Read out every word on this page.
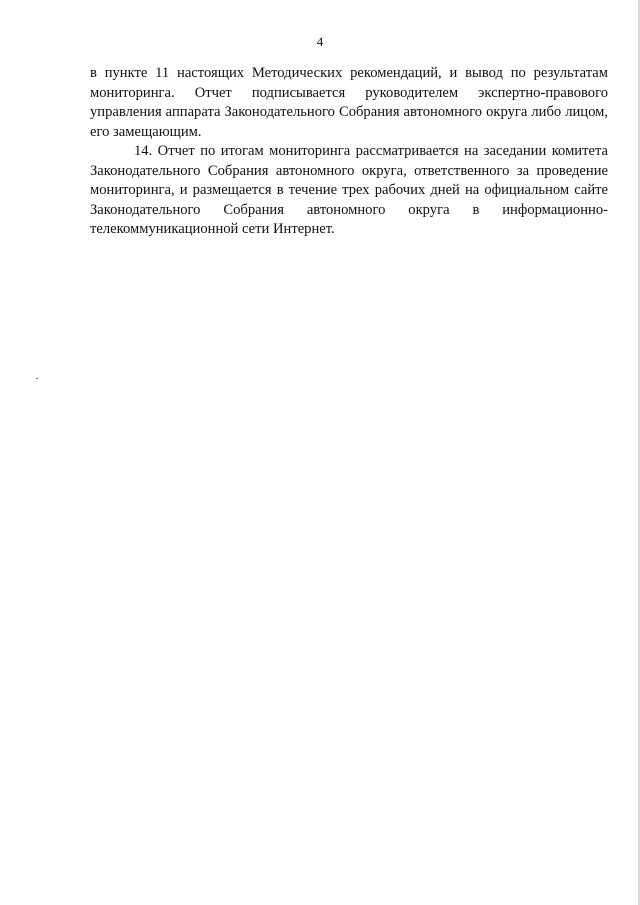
4

в пункте 11 настоящих Методических рекомендаций, и вывод по результатам мониторинга. Отчет подписывается руководителем экспертно-правового управления аппарата Законодательного Собрания автономного округа либо лицом, его замещающим.

14. Отчет по итогам мониторинга рассматривается на заседании комитета Законодательного Собрания автономного округа, ответственного за проведение мониторинга, и размещается в течение трех рабочих дней на официальном сайте Законодательного Собрания автономного округа в информационно-телекоммуникационной сети Интернет.
